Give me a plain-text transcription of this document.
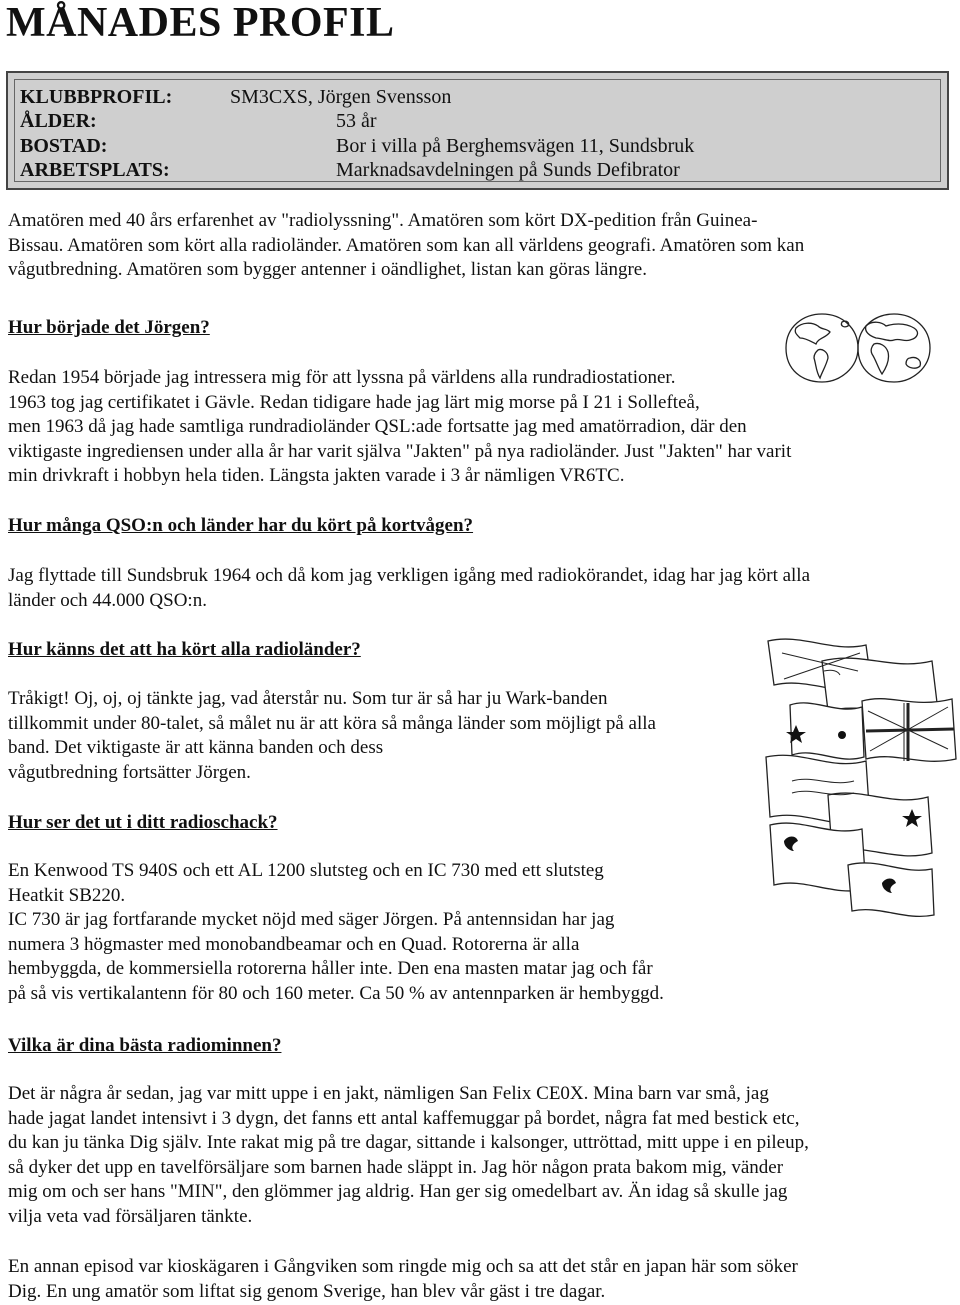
MÅNADES PROFIL
KLUBBPROFIL:	SM3CXS, Jörgen Svensson
ÅLDER:	53 år
BOSTAD:	Bor i villa på Berghemsvägen 11, Sundsbruk
ARBETSPLATS:	Marknadsavdelningen på Sunds Defibrator
Amatören med 40 års erfarenhet av "radiolyssning". Amatören som kört DX-pedition från Guinea-
Bissau. Amatören som kört alla radioländer. Amatören som kan all världens geografi. Amatören som kan
vågutbredning. Amatören som bygger antenner i oändlighet, listan kan göras längre.
Hur började det Jörgen?
Redan 1954 började jag intressera mig för att lyssna på världens alla rundradiostationer.
1963 tog jag certifikatet i Gävle. Redan tidigare hade jag lärt mig morse på I 21 i Sollefteå,
men 1963 då jag hade samtliga rundradioländer QSL:ade fortsatte jag med amatörradion, där den
viktigaste ingrediensen under alla år har varit själva "Jakten" på nya radioländer. Just "Jakten" har varit
min drivkraft i hobbyn hela tiden. Längsta jakten varade i 3 år nämligen VR6TC.
Hur många QSO:n och länder har du kört på kortvågen?
Jag flyttade till Sundsbruk 1964 och då kom jag verkligen igång med radiokörandet, idag har jag kört alla
länder och 44.000 QSO:n.
Hur känns det att ha kört alla radioländer?
Tråkigt! Oj, oj, oj tänkte jag, vad återstår nu. Som tur är så har ju Wark-banden
tillkommit under 80-talet, så målet nu är att köra så många länder som möjligt på alla
band. Det viktigaste är att känna banden och dess
vågutbredning fortsätter Jörgen.
Hur ser det ut i ditt radioschack?
En Kenwood TS 940S och ett AL 1200 slutsteg och en IC 730 med ett slutsteg
Heatkit SB220.
IC 730 är jag fortfarande mycket nöjd med säger Jörgen. På antennsidan har jag
numera 3 högmaster med monobandbeamar och en Quad. Rotorerna är alla
hembyggda, de kommersiella rotorerna håller inte. Den ena masten matar jag och får
på så vis vertikalantenn för 80 och 160 meter. Ca 50 % av antennparken är hembyggd.
Vilka är dina bästa radiominnen?
Det är några år sedan, jag var mitt uppe i en jakt, nämligen San Felix CE0X. Mina barn var små, jag
hade jagat landet intensivt i 3 dygn, det fanns ett antal kaffemuggar på bordet, några fat med bestick etc,
du kan ju tänka Dig själv. Inte rakat mig på tre dagar, sittande i kalsonger, uttröttad, mitt uppe i en pileup,
så dyker det upp en tavelförsäljare som barnen hade släppt in. Jag hör någon prata bakom mig, vänder
mig om och ser hans "MIN", den glömmer jag aldrig. Han ger sig omedelbart av. Än idag så skulle jag
vilja veta vad försäljaren tänkte.
En annan episod var kioskägaren i Gångviken som ringde mig och sa att det står en japan här som söker
Dig. En ung amatör som liftat sig genom Sverige, han blev vår gäst i tre dagar.
